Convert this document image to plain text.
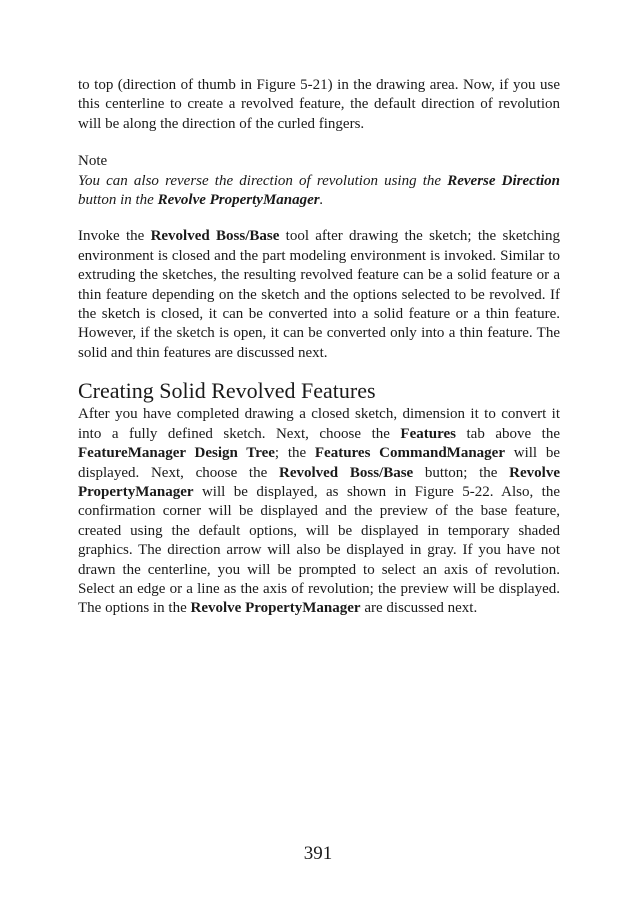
to top (direction of thumb in Figure 5-21) in the drawing area. Now, if you use this centerline to create a revolved feature, the default direction of revolution will be along the direction of the curled fingers.

Note

You can also reverse the direction of revolution using the Reverse Direction button in the Revolve PropertyManager.

Invoke the Revolved Boss/Base tool after drawing the sketch; the sketching environment is closed and the part modeling environment is invoked. Similar to extruding the sketches, the resulting revolved feature can be a solid feature or a thin feature depending on the sketch and the options selected to be revolved. If the sketch is closed, it can be converted into a solid feature or a thin feature. However, if the sketch is open, it can be converted only into a thin feature. The solid and thin features are discussed next.

Creating Solid Revolved Features

After you have completed drawing a closed sketch, dimension it to convert it into a fully defined sketch. Next, choose the Features tab above the FeatureManager Design Tree; the Features CommandManager will be displayed. Next, choose the Revolved Boss/Base button; the Revolve PropertyManager will be displayed, as shown in Figure 5-22. Also, the confirmation corner will be displayed and the preview of the base feature, created using the default options, will be displayed in temporary shaded graphics. The direction arrow will also be displayed in gray. If you have not drawn the centerline, you will be prompted to select an axis of revolution. Select an edge or a line as the axis of revolution; the preview will be displayed. The options in the Revolve PropertyManager are discussed next.

391
